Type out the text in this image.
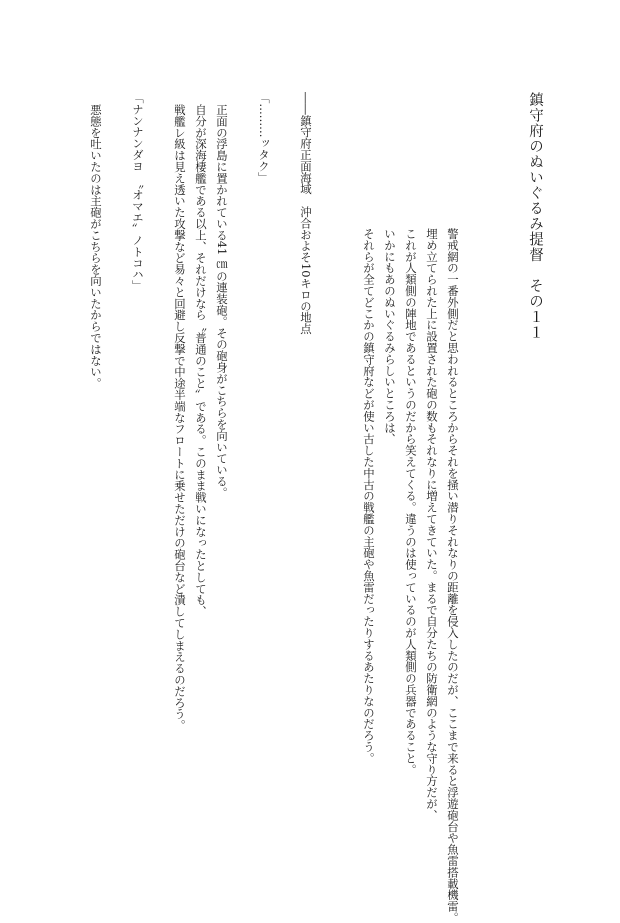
鎮守府のぬいぐるみ提督　その１１
警戒網の一番外側だと思われるところからそれを掻い潜りそれなりの距離を侵入したのだが、ここまで来ると浮遊砲台や魚雷搭載機雷。
埋め立てられた上に設置された砲の数もそれなりに増えてきていた。まるで自分たちの防衛網のような守り方だが、
これが人類側の陣地であるというのだから笑えてくる。違うのは使っているのが人類側の兵器であること。
いかにもあのぬいぐるみらしいところは、
それらが全てどこかの鎮守府などが使い古した中古の戦艦の主砲や魚雷だったりするあたりなのだろう。
――鎮守府正面海域　沖合およそ10キロの地点
「………ッタク」
正面の浮島に置かれている41 ㎝の連装砲。その砲身がこちらを向いている。
自分が深海棲艦である以上、それだけなら〝普通のこと〟である。このまま戦いになったとしても、
戦艦レ級は見え透いた攻撃など易々と回避し反撃で中途半端なフロートに乗せただけの砲台など潰してしまえるのだろう。
「ナンナンダヨ　〝オマエ〟ノトコハ」
悪態を吐いたのは主砲がこちらを向いたからではない。
